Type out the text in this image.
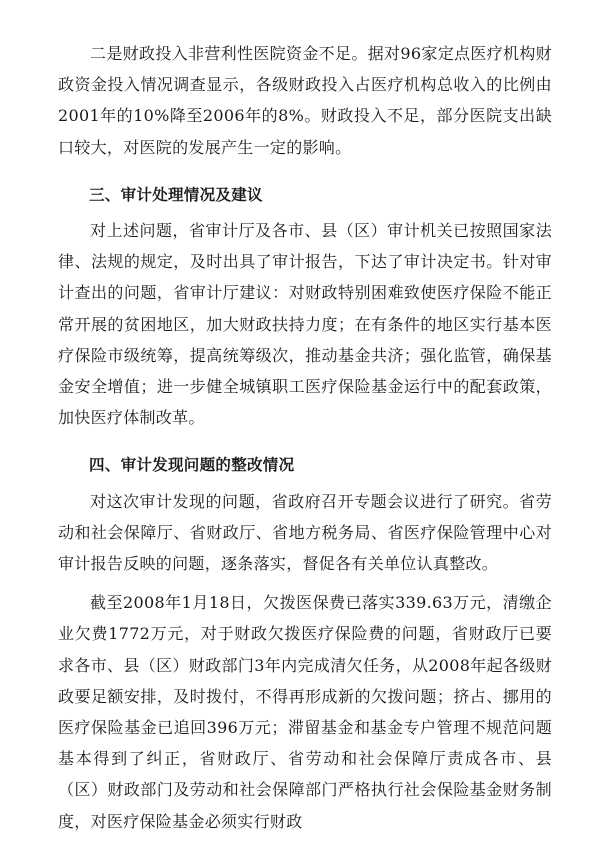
二是财政投入非营利性医院资金不足。据对96家定点医疗机构财政资金投入情况调查显示，各级财政投入占医疗机构总收入的比例由2001年的10%降至2006年的8%。财政投入不足，部分医院支出缺口较大，对医院的发展产生一定的影响。

三、审计处理情况及建议

对上述问题，省审计厅及各市、县（区）审计机关已按照国家法律、法规的规定，及时出具了审计报告，下达了审计决定书。针对审计查出的问题，省审计厅建议：对财政特别困难致使医疗保险不能正常开展的贫困地区，加大财政扶持力度；在有条件的地区实行基本医疗保险市级统筹，提高统筹级次，推动基金共济；强化监管，确保基金安全增值；进一步健全城镇职工医疗保险基金运行中的配套政策，加快医疗体制改革。

四、审计发现问题的整改情况

对这次审计发现的问题，省政府召开专题会议进行了研究。省劳动和社会保障厅、省财政厅、省地方税务局、省医疗保险管理中心对审计报告反映的问题，逐条落实，督促各有关单位认真整改。

截至2008年1月18日，欠拨医保费已落实339.63万元，清缴企业欠费1772万元，对于财政欠拨医疗保险费的问题，省财政厅已要求各市、县（区）财政部门3年内完成清欠任务，从2008年起各级财政要足额安排，及时拨付，不得再形成新的欠拨问题；挤占、挪用的医疗保险基金已追回396万元；滞留基金和基金专户管理不规范问题基本得到了纠正，省财政厅、省劳动和社会保障厅责成各市、县（区）财政部门及劳动和社会保障部门严格执行社会保险基金财务制度，对医疗保险基金必须实行财政
